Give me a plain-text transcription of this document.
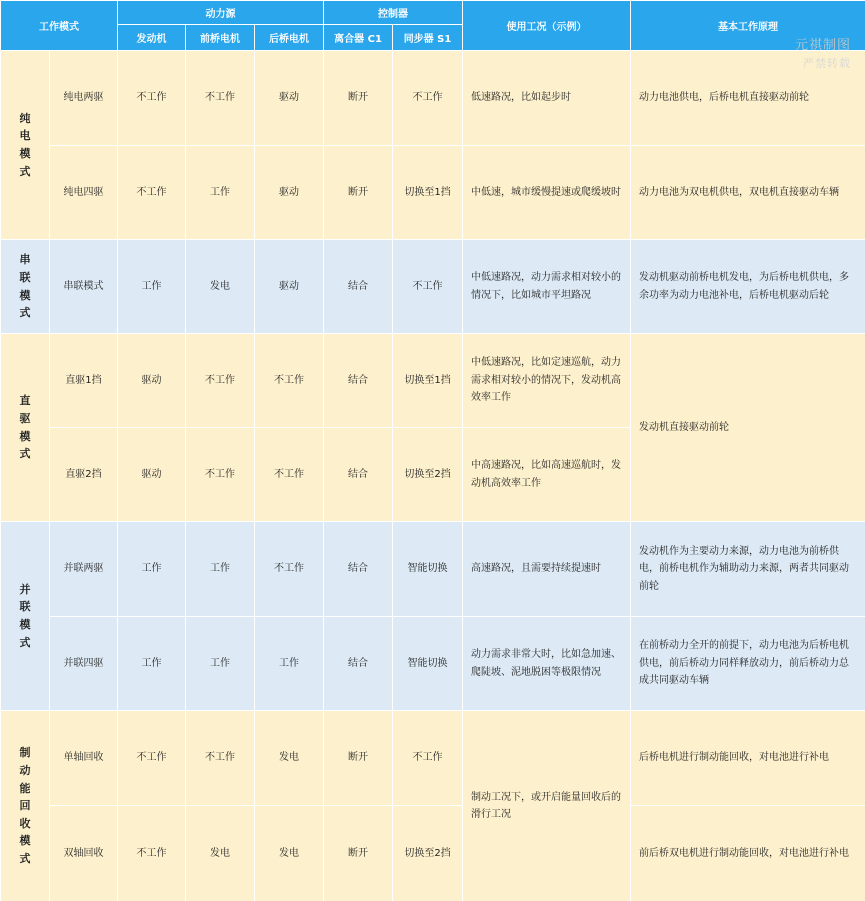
工作模式		动力源			控制器		使用工况（示例）	基本工作原理
		发动机	前桥电机	后桥电机	离合器 C1	同步器 S1		
纯电模式	纯电两驱	不工作	不工作	驱动	断开	不工作	低速路况，比如起步时	动力电池供电，后桥电机直接驱动前轮
	纯电四驱	不工作	工作	驱动	断开	切换至1挡	中低速，城市缓慢提速或爬缓坡时	动力电池为双电机供电，双电机直接驱动车辆
串联模式	串联模式	工作	发电	驱动	结合	不工作	中低速路况，动力需求相对较小的情况下，比如城市平坦路况	发动机驱动前桥电机发电，为后桥电机供电，多余功率为动力电池补电，后桥电机驱动后轮
直驱模式	直驱1挡	驱动	不工作	不工作	结合	切换至1挡	中低速路况，比如定速巡航，动力需求相对较小的情况下，发动机高效率工作	发动机直接驱动前轮
	直驱2挡	驱动	不工作	不工作	结合	切换至2挡	中高速路况，比如高速巡航时，发动机高效率工作	
并联模式	并联两驱	工作	工作	不工作	结合	智能切换	高速路况，且需要持续提速时	发动机作为主要动力来源，动力电池为前桥供电，前桥电机作为辅助动力来源，两者共同驱动前轮
	并联四驱	工作	工作	工作	结合	智能切换	动力需求非常大时，比如急加速、爬陡坡、泥地脱困等极限情况	在前桥动力全开的前提下，动力电池为后桥电机供电，前后桥动力同样释放动力，前后桥动力总成共同驱动车辆
制动能回收模式	单轴回收	不工作	不工作	发电	断开	不工作	制动工况下，或开启能量回收后的滑行工况	后桥电机进行制动能回收，对电池进行补电
	双轴回收	不工作	发电	发电	断开	切换至2挡		前后桥双电机进行制动能回收，对电池进行补电
元祺制图
严禁转载
